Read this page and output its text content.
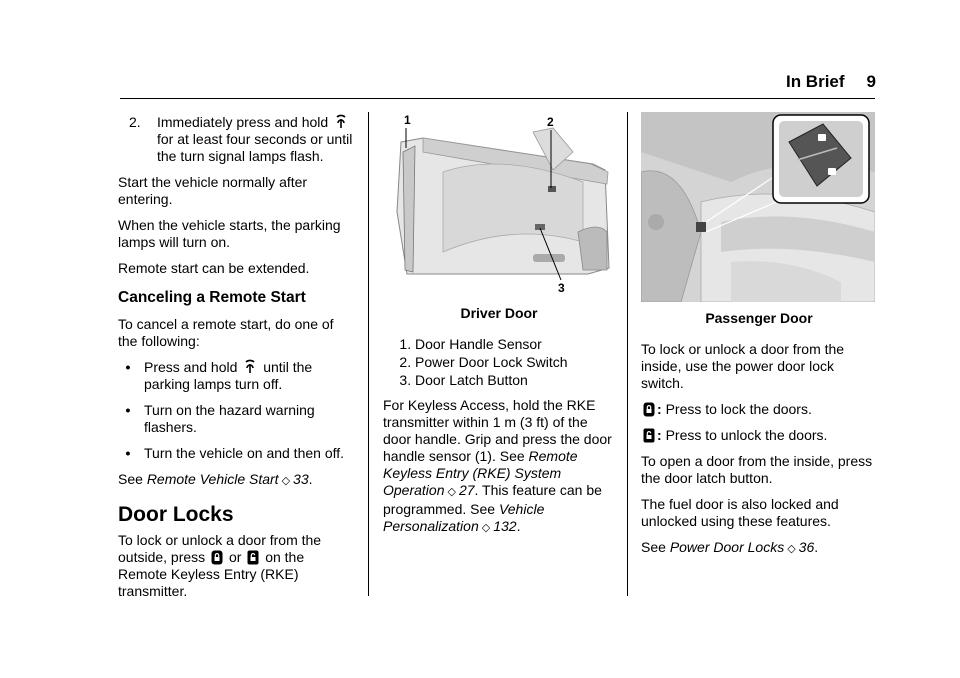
In Brief 9
2.	Immediately press and hold
for at least four seconds or until the turn signal lamps flash.

Start the vehicle normally after entering.

When the vehicle starts, the parking lamps will turn on.

Remote start can be extended.

Canceling a Remote Start

To cancel a remote start, do one of the following:

• Press and hold until the parking lamps turn off.
• Turn on the hazard warning flashers.
• Turn the vehicle on and then off.

See Remote Vehicle Start ◇ 33.

Door Locks

To lock or unlock a door from the outside, press or on the Remote Keyless Entry (RKE) transmitter.

1	2
3
Driver Door
1. Door Handle Sensor
2. Power Door Lock Switch
3. Door Latch Button

For Keyless Access, hold the RKE transmitter within 1 m (3 ft) of the door handle. Grip and press the door handle sensor (1). See Remote Keyless Entry (RKE) System Operation ◇ 27. This feature can be programmed. See Vehicle Personalization ◇ 132.

Passenger Door

To lock or unlock a door from the inside, use the power door lock switch.

: Press to lock the doors.

: Press to unlock the doors.

To open a door from the inside, press the door latch button.

The fuel door is also locked and unlocked using these features.

See Power Door Locks ◇ 36.
